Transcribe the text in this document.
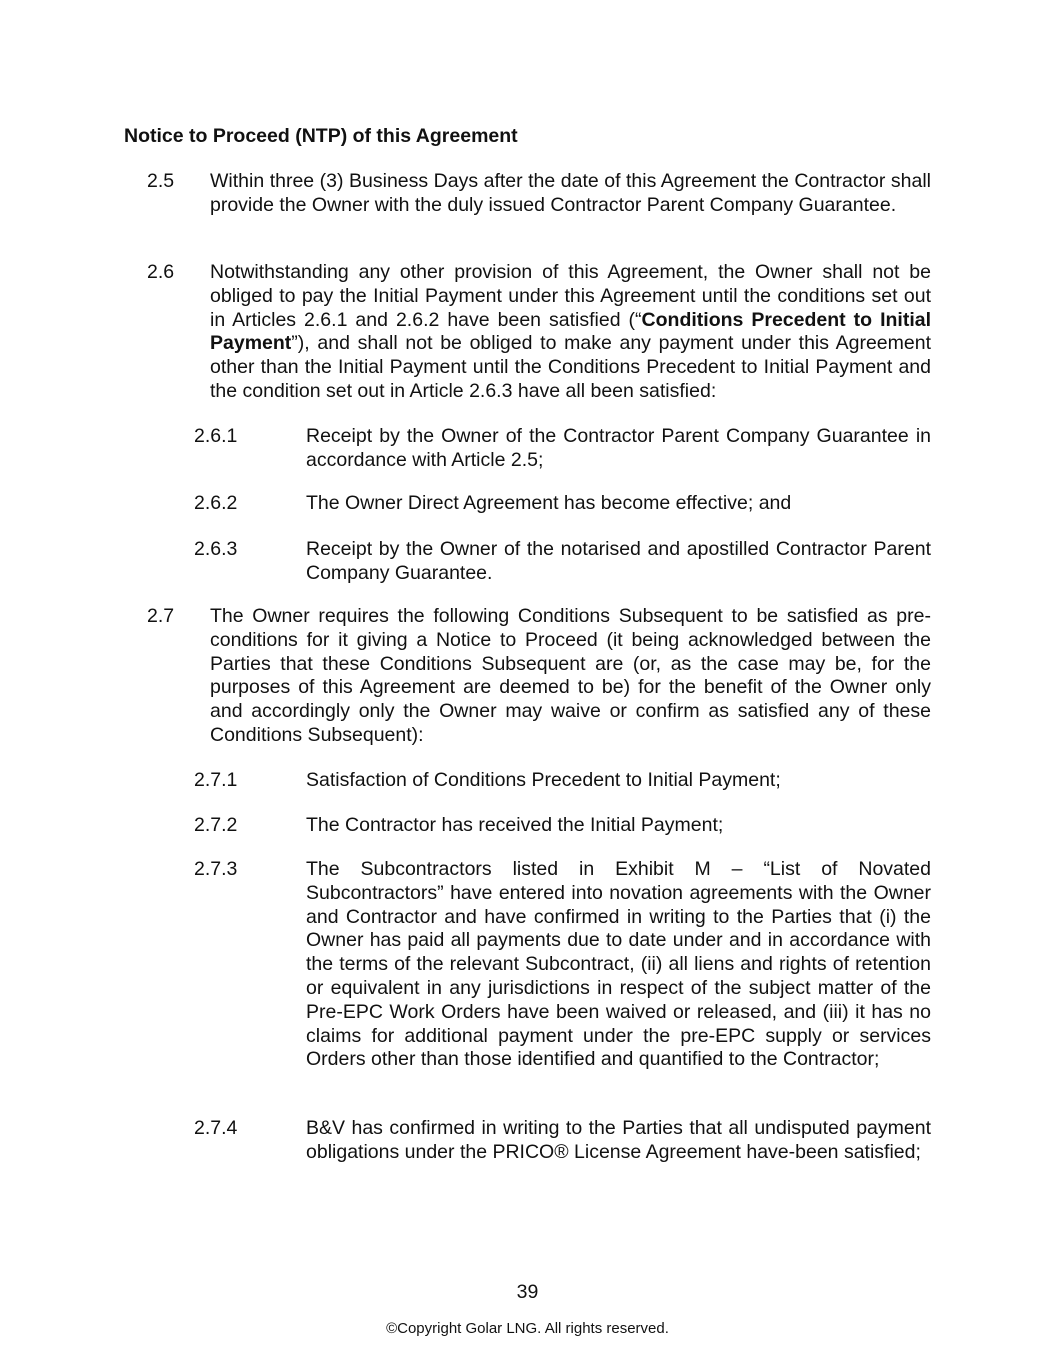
Notice to Proceed (NTP) of this Agreement
2.5 Within three (3) Business Days after the date of this Agreement the Contractor shall provide the Owner with the duly issued Contractor Parent Company Guarantee.
2.6 Notwithstanding any other provision of this Agreement, the Owner shall not be obliged to pay the Initial Payment under this Agreement until the conditions set out in Articles 2.6.1 and 2.6.2 have been satisfied (“Conditions Precedent to Initial Payment”), and shall not be obliged to make any payment under this Agreement other than the Initial Payment until the Conditions Precedent to Initial Payment and the condition set out in Article 2.6.3 have all been satisfied:
2.6.1	Receipt by the Owner of the Contractor Parent Company Guarantee in accordance with Article 2.5;
2.6.2	The Owner Direct Agreement has become effective; and
2.6.3	Receipt by the Owner of the notarised and apostilled Contractor Parent Company Guarantee.
2.7 The Owner requires the following Conditions Subsequent to be satisfied as pre-conditions for it giving a Notice to Proceed (it being acknowledged between the Parties that these Conditions Subsequent are (or, as the case may be, for the purposes of this Agreement are deemed to be) for the benefit of the Owner only and accordingly only the Owner may waive or confirm as satisfied any of these Conditions Subsequent):
2.7.1	Satisfaction of Conditions Precedent to Initial Payment;
2.7.2	The Contractor has received the Initial Payment;
2.7.3	The Subcontractors listed in Exhibit M – “List of Novated Subcontractors” have entered into novation agreements with the Owner and Contractor and have confirmed in writing to the Parties that (i) the Owner has paid all payments due to date under and in accordance with the terms of the relevant Subcontract, (ii) all liens and rights of retention or equivalent in any jurisdictions in respect of the subject matter of the Pre-EPC Work Orders have been waived or released, and (iii) it has no claims for additional payment under the pre-EPC supply or services Orders other than those identified and quantified to the Contractor;
2.7.4	B&V has confirmed in writing to the Parties that all undisputed payment obligations under the PRICO® License Agreement have-been satisfied;
39
©Copyright Golar LNG. All rights reserved.
